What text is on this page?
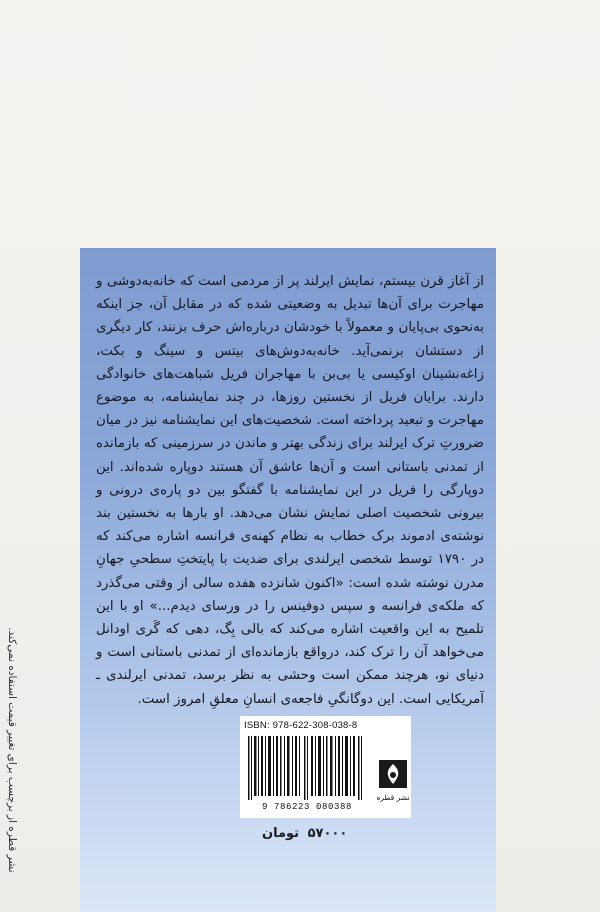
از آغاز قرن بیستم، نمایش ایرلند پر از مردمی است که خانه‌به‌دوشی و مهاجرت برای آن‌ها تبدیل به وضعیتی شده که در مقابل آن، جز اینکه به‌نحوی بی‌پایان و معمولاً با خودشان درباره‌اش حرف بزنند، کار دیگری از دستشان برنمی‌آید. خانه‌به‌دوش‌های بیتس و سینگ و بکت، زاغه‌نشینان اوکیسی یا بی‌بن با مهاجران فریل شباهت‌های خانوادگی دارند. برایان فریل از نخستین روزها، در چند نمایشنامه، به موضوع مهاجرت و تبعید پرداخته است. شخصیت‌های این نمایشنامه نیز در میان ضرورتِ ترک ایرلند برای زندگی بهتر و ماندن در سرزمینی که بازمانده از تمدنی باستانی است و آن‌ها عاشق آن هستند دوپاره شده‌اند. این دوپارگی را فریل در این نمایشنامه با گفتگو بین دو پاره‌ی درونی و بیرونی شخصیت اصلی نمایش نشان می‌دهد. او بارها به نخستین بند نوشته‌ی ادموند برک خطاب به نظام کهنه‌ی فرانسه اشاره می‌کند که در ۱۷۹۰ توسط شخصی ایرلندی برای ضدیت با پایتختِ سطحیِ جهانِ مدرن نوشته شده است: «اکنون شانزده هفده سالی از وقتی می‌گذرد که ملکه‌ی فرانسه و سپس دوفینس را در ورسای دیدم...» او با این تلمیح به این واقعیت اشاره می‌کند که بالی بِگ، دهی که گَری اودانل می‌خواهد آن را ترک کند، درواقع بازمانده‌ای از تمدنی باستانی است و دنیای نو، هرچند ممکن است وحشی به نظر برسد، تمدنی ایرلندی ـ آمریکایی است. این دوگانگیِ فاجعه‌ی انسانِ معلقِ امروز است.

نشر قطره از برچسب برای تغییر قیمت استفاده نمی‌کند.	ISBN: 978-622-308-038-8
9 786223 080388
نشر قطره
۵۷۰۰۰ تومان
